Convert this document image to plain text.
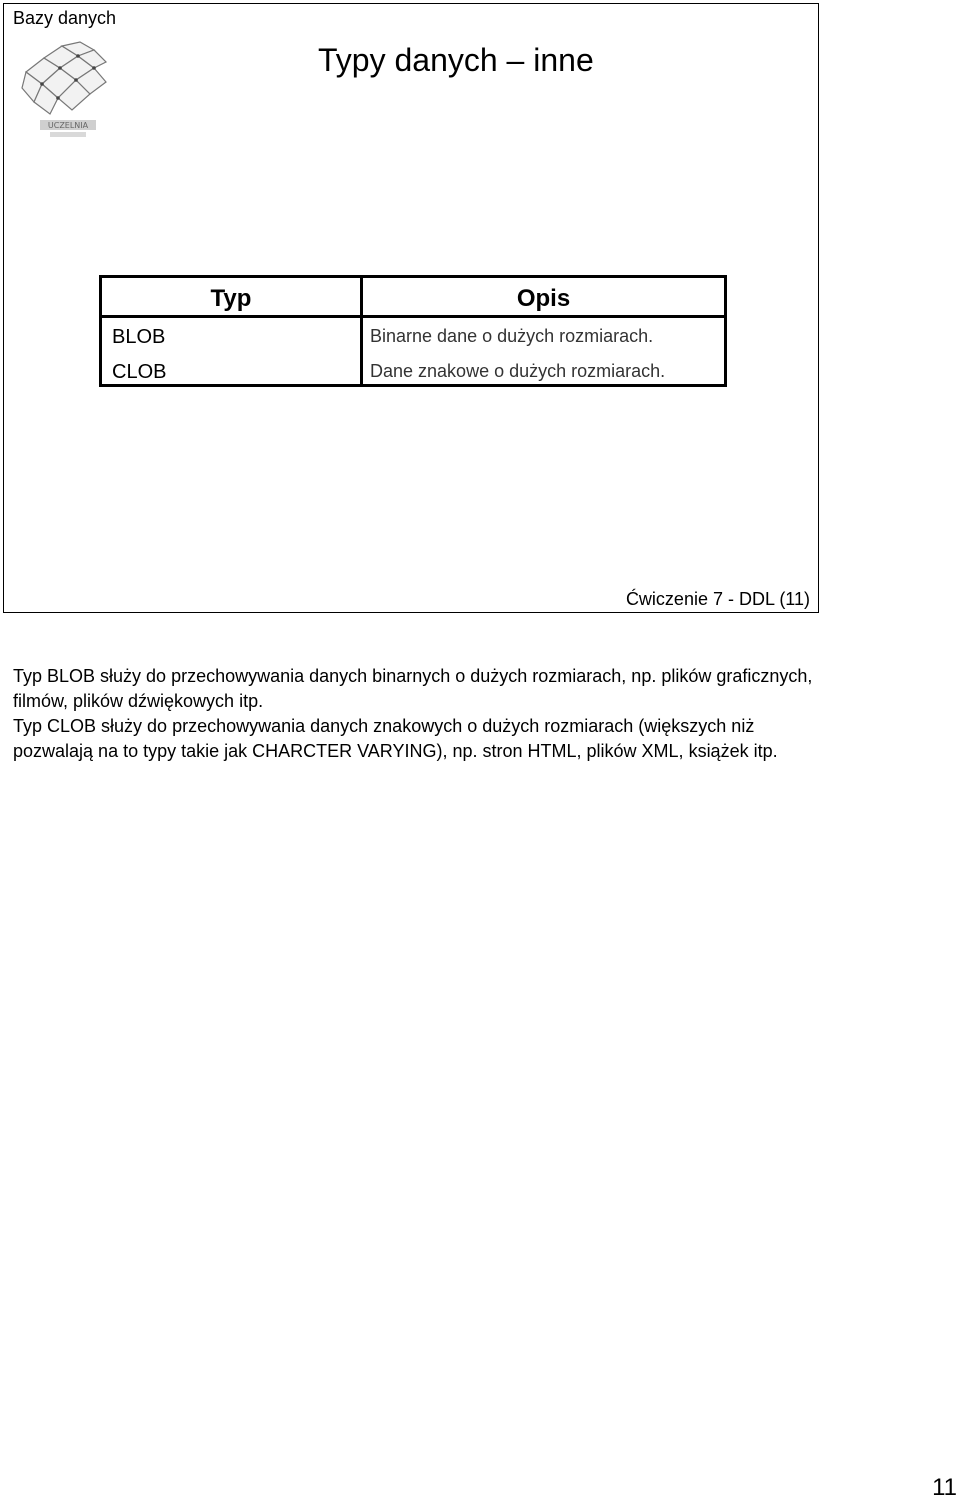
Bazy danych
UCZELNIA
Typy danych – inne
Typ	Opis
BLOB	Binarne dane o dużych rozmiarach.
CLOB	Dane znakowe o dużych rozmiarach.
Ćwiczenie 7 - DDL (11)

Typ BLOB służy do przechowywania danych binarnych o dużych rozmiarach, np. plików graficznych, filmów, plików dźwiękowych itp.

Typ CLOB służy do przechowywania danych znakowych o dużych rozmiarach (większych niż pozwalają na to typy takie jak CHARCTER VARYING), np. stron HTML, plików XML, książek itp.

11
